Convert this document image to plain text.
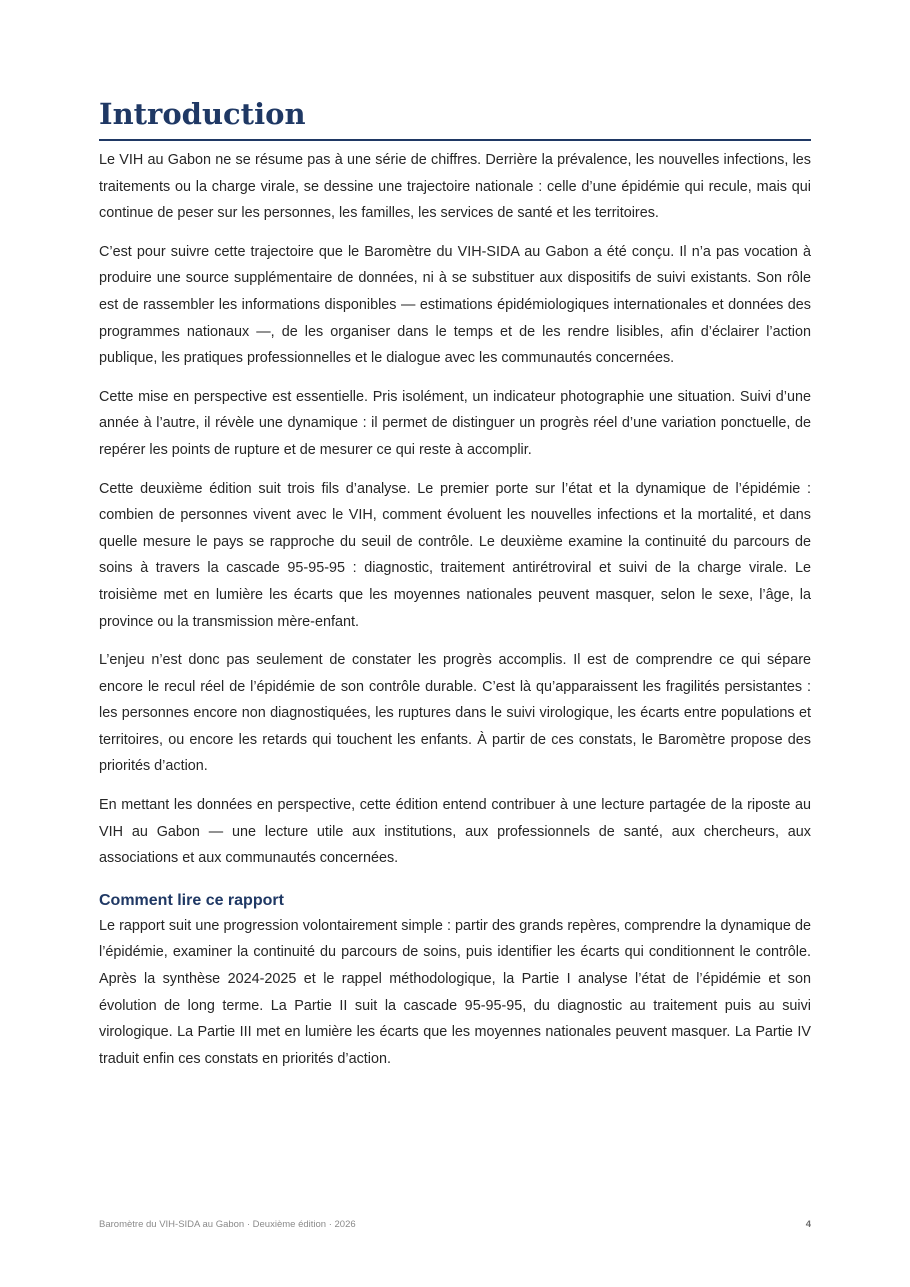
Introduction

Le VIH au Gabon ne se résume pas à une série de chiffres. Derrière la prévalence, les nouvelles infections, les traitements ou la charge virale, se dessine une trajectoire nationale : celle d’une épidémie qui recule, mais qui continue de peser sur les personnes, les familles, les services de santé et les territoires.

C’est pour suivre cette trajectoire que le Baromètre du VIH-SIDA au Gabon a été conçu. Il n’a pas vocation à produire une source supplémentaire de données, ni à se substituer aux dispositifs de suivi existants. Son rôle est de rassembler les informations disponibles — estimations épidémiologiques internationales et données des programmes nationaux —, de les organiser dans le temps et de les rendre lisibles, afin d’éclairer l’action publique, les pratiques professionnelles et le dialogue avec les communautés concernées.

Cette mise en perspective est essentielle. Pris isolément, un indicateur photographie une situation. Suivi d’une année à l’autre, il révèle une dynamique : il permet de distinguer un progrès réel d’une variation ponctuelle, de repérer les points de rupture et de mesurer ce qui reste à accomplir.

Cette deuxième édition suit trois fils d’analyse. Le premier porte sur l’état et la dynamique de l’épidémie : combien de personnes vivent avec le VIH, comment évoluent les nouvelles infections et la mortalité, et dans quelle mesure le pays se rapproche du seuil de contrôle. Le deuxième examine la continuité du parcours de soins à travers la cascade 95-95-95 : diagnostic, traitement antirétroviral et suivi de la charge virale. Le troisième met en lumière les écarts que les moyennes nationales peuvent masquer, selon le sexe, l’âge, la province ou la transmission mère-enfant.

L’enjeu n’est donc pas seulement de constater les progrès accomplis. Il est de comprendre ce qui sépare encore le recul réel de l’épidémie de son contrôle durable. C’est là qu’apparaissent les fragilités persistantes : les personnes encore non diagnostiquées, les ruptures dans le suivi virologique, les écarts entre populations et territoires, ou encore les retards qui touchent les enfants. À partir de ces constats, le Baromètre propose des priorités d’action.

En mettant les données en perspective, cette édition entend contribuer à une lecture partagée de la riposte au VIH au Gabon — une lecture utile aux institutions, aux professionnels de santé, aux chercheurs, aux associations et aux communautés concernées.

Comment lire ce rapport

Le rapport suit une progression volontairement simple : partir des grands repères, comprendre la dynamique de l’épidémie, examiner la continuité du parcours de soins, puis identifier les écarts qui conditionnent le contrôle. Après la synthèse 2024-2025 et le rappel méthodologique, la Partie I analyse l’état de l’épidémie et son évolution de long terme. La Partie II suit la cascade 95-95-95, du diagnostic au traitement puis au suivi virologique. La Partie III met en lumière les écarts que les moyennes nationales peuvent masquer. La Partie IV traduit enfin ces constats en priorités d’action.

Baromètre du VIH-SIDA au Gabon · Deuxième édition · 2026	4
